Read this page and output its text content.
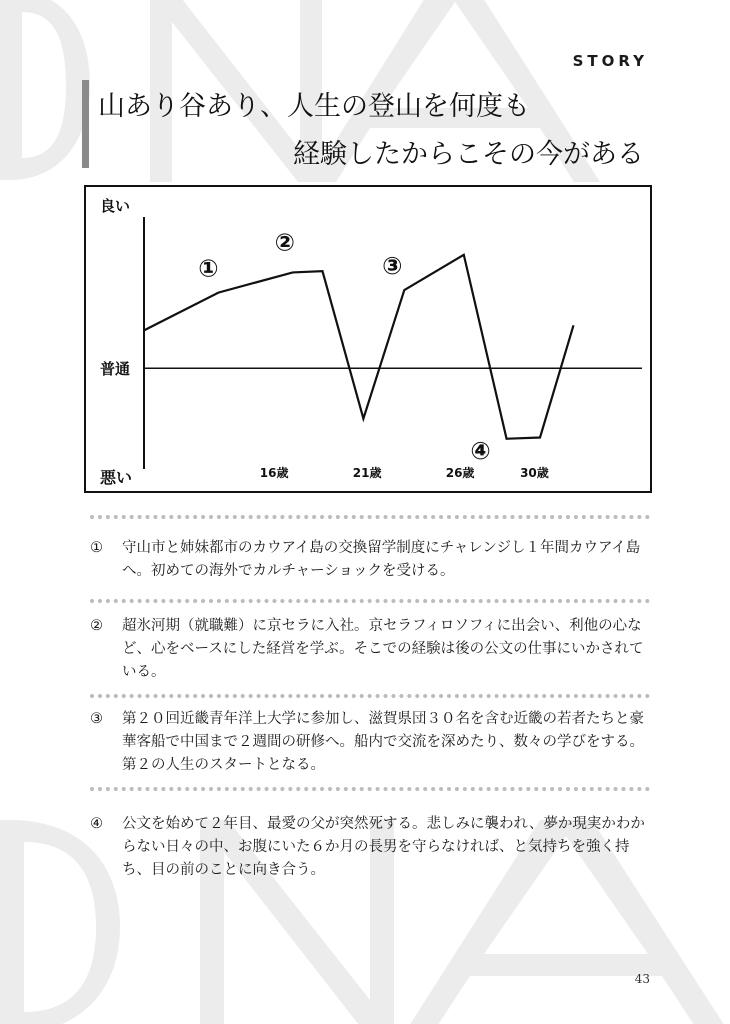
STORY
山あり谷あり、人生の登山を何度も
経験したからこその今がある
良い
普通
悪い	16歳	21歳	26歳	30歳
①
②
③
④
①	守山市と姉妹都市のカウアイ島の交換留学制度にチャレンジし１年間カウアイ島へ。初めての海外でカルチャーショックを受ける。
②	超氷河期（就職難）に京セラに入社。京セラフィロソフィに出会い、利他の心など、心をベースにした経営を学ぶ。そこでの経験は後の公文の仕事にいかされている。
③	第２０回近畿青年洋上大学に参加し、滋賀県団３０名を含む近畿の若者たちと豪華客船で中国まで２週間の研修へ。船内で交流を深めたり、数々の学びをする。第２の人生のスタートとなる。
④	公文を始めて２年目、最愛の父が突然死する。悲しみに襲われ、夢か現実かわからない日々の中、お腹にいた６か月の長男を守らなければ、と気持ちを強く持ち、目の前のことに向き合う。
43
